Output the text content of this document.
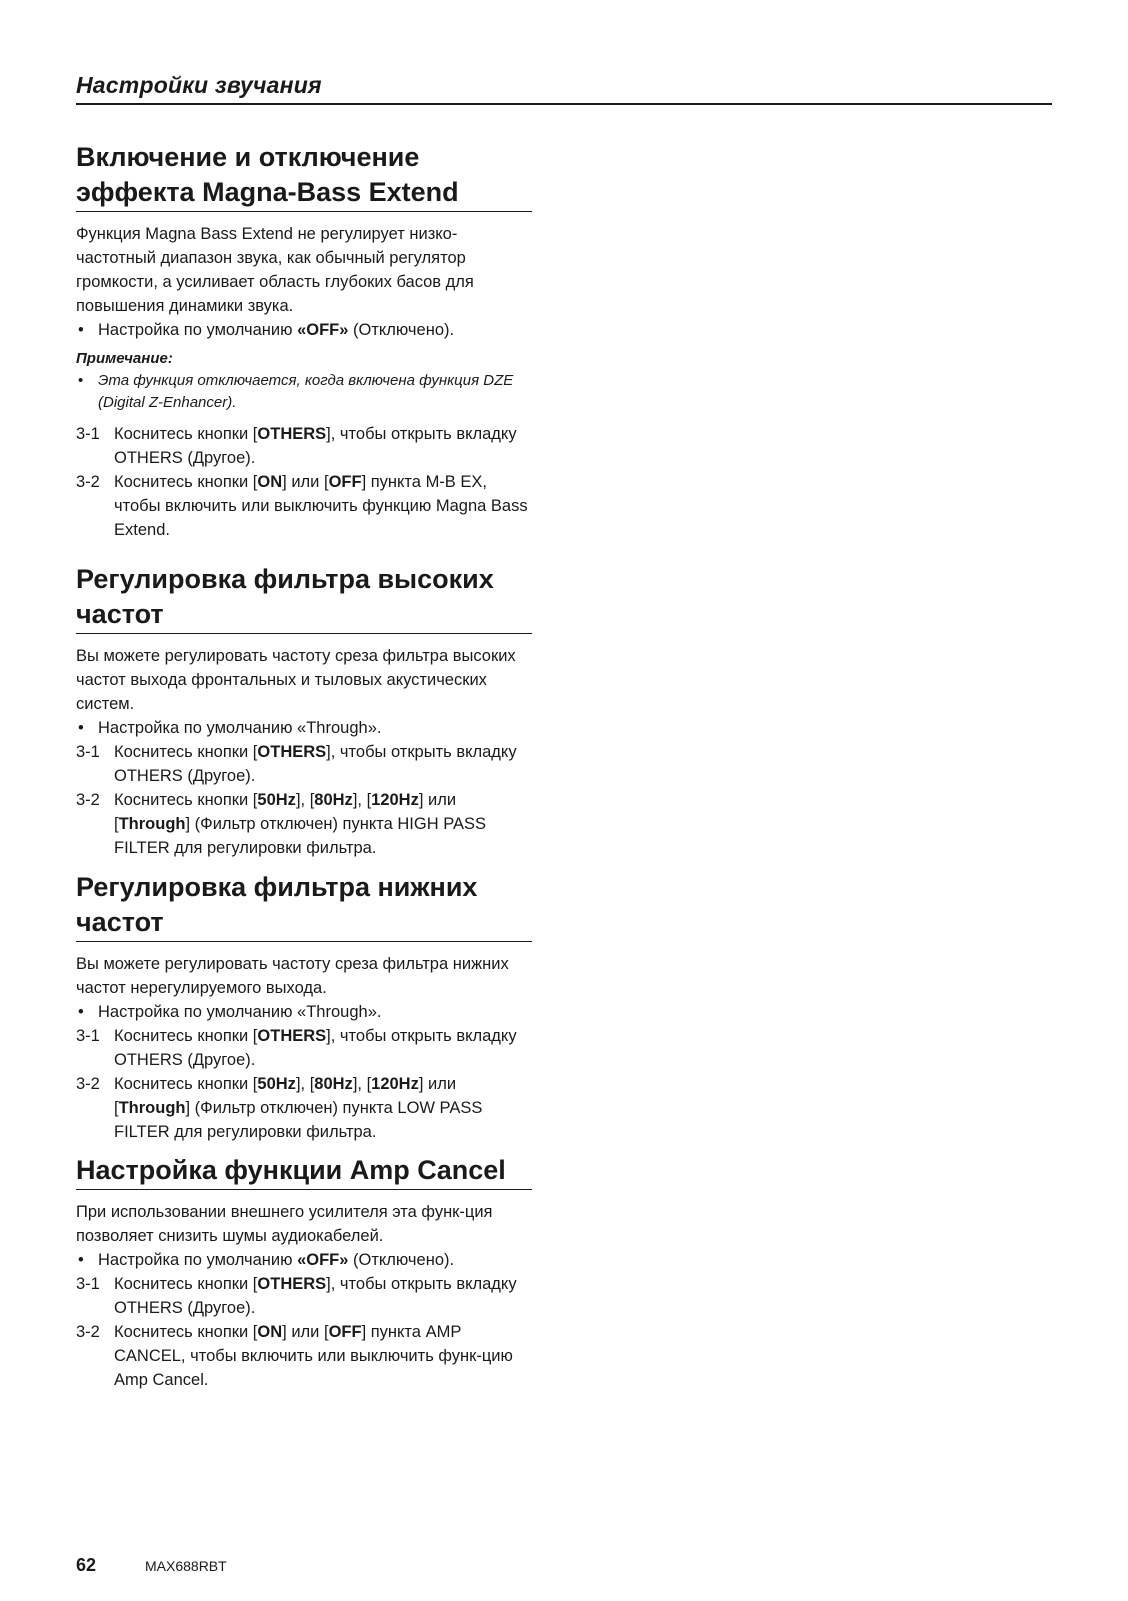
Настройки звучания
Включение и отключение
эффекта Magna-Bass Extend

Функция Magna Bass Extend не регулирует низко-частотный диапазон звука, как обычный регулятор громкости, а усиливает область глубоких басов для повышения динамики звука.

• Настройка по умолчанию «OFF» (Отключено).
Примечание:
• Эта функция отключается, когда включена функция DZE (Digital Z-Enhancer).
3-1 Коснитесь кнопки [OTHERS], чтобы открыть вкладку OTHERS (Другое).
3-2 Коснитесь кнопки [ON] или [OFF] пункта M-B EX, чтобы включить или выключить функцию Magna Bass Extend.
Регулировка фильтра высоких
частот

Вы можете регулировать частоту среза фильтра высоких частот выхода фронтальных и тыловых акустических систем.

• Настройка по умолчанию «Through».
3-1 Коснитесь кнопки [OTHERS], чтобы открыть вкладку OTHERS (Другое).
3-2 Коснитесь кнопки [50Hz], [80Hz], [120Hz] или [Through] (Фильтр отключен) пункта HIGH PASS FILTER для регулировки фильтра.
Регулировка фильтра нижних
частот

Вы можете регулировать частоту среза фильтра нижних частот нерегулируемого выхода.

• Настройка по умолчанию «Through».
3-1 Коснитесь кнопки [OTHERS], чтобы открыть вкладку OTHERS (Другое).
3-2 Коснитесь кнопки [50Hz], [80Hz], [120Hz] или [Through] (Фильтр отключен) пункта LOW PASS FILTER для регулировки фильтра.
Настройка функции Amp Cancel

При использовании внешнего усилителя эта функ-ция позволяет снизить шумы аудиокабелей.

• Настройка по умолчанию «OFF» (Отключено).
3-1 Коснитесь кнопки [OTHERS], чтобы открыть вкладку OTHERS (Другое).
3-2 Коснитесь кнопки [ON] или [OFF] пункта AMP CANCEL, чтобы включить или выключить функ-цию Amp Cancel.
62	MAX688RBT
